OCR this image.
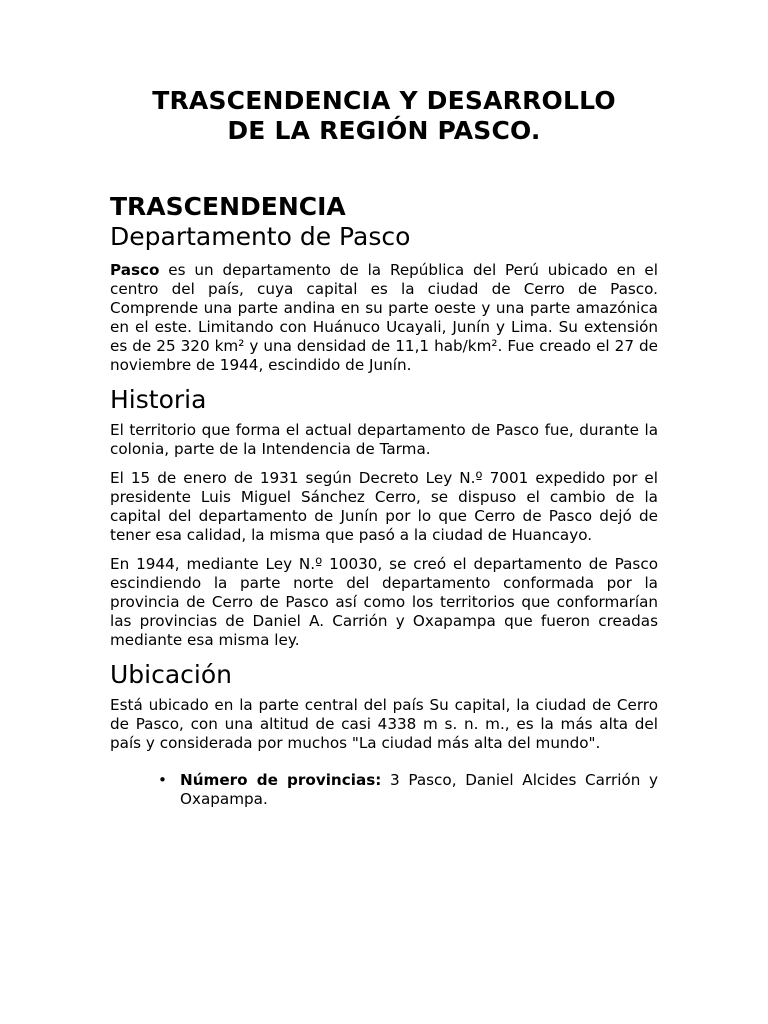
TRASCENDENCIA Y DESARROLLO
DE LA REGIÓN PASCO.
TRASCENDENCIA
Departamento de Pasco

Pasco es un departamento de la República del Perú ubicado en el centro del país, cuya capital es la ciudad de Cerro de Pasco. Comprende una parte andina en su parte oeste y una parte amazónica en el este. Limitando con Huánuco Ucayali, Junín y Lima. Su extensión es de 25 320 km² y una densidad de 11,1 hab/km². Fue creado el 27 de noviembre de 1944, escindido de Junín.

Historia

El territorio que forma el actual departamento de Pasco fue, durante la colonia, parte de la Intendencia de Tarma.

El 15 de enero de 1931 según Decreto Ley N.º 7001 expedido por el presidente Luis Miguel Sánchez Cerro, se dispuso el cambio de la capital del departamento de Junín por lo que Cerro de Pasco dejó de tener esa calidad, la misma que pasó a la ciudad de Huancayo.

En 1944, mediante Ley N.º 10030, se creó el departamento de Pasco escindiendo la parte norte del departamento conformada por la provincia de Cerro de Pasco así como los territorios que conformarían las provincias de Daniel A. Carrión y Oxapampa que fueron creadas mediante esa misma ley.

Ubicación

Está ubicado en la parte central del país Su capital, la ciudad de Cerro de Pasco, con una altitud de casi 4338 m s. n. m., es la más alta del país y considerada por muchos "La ciudad más alta del mundo".

• Número de provincias: 3 Pasco, Daniel Alcides Carrión y Oxapampa.
